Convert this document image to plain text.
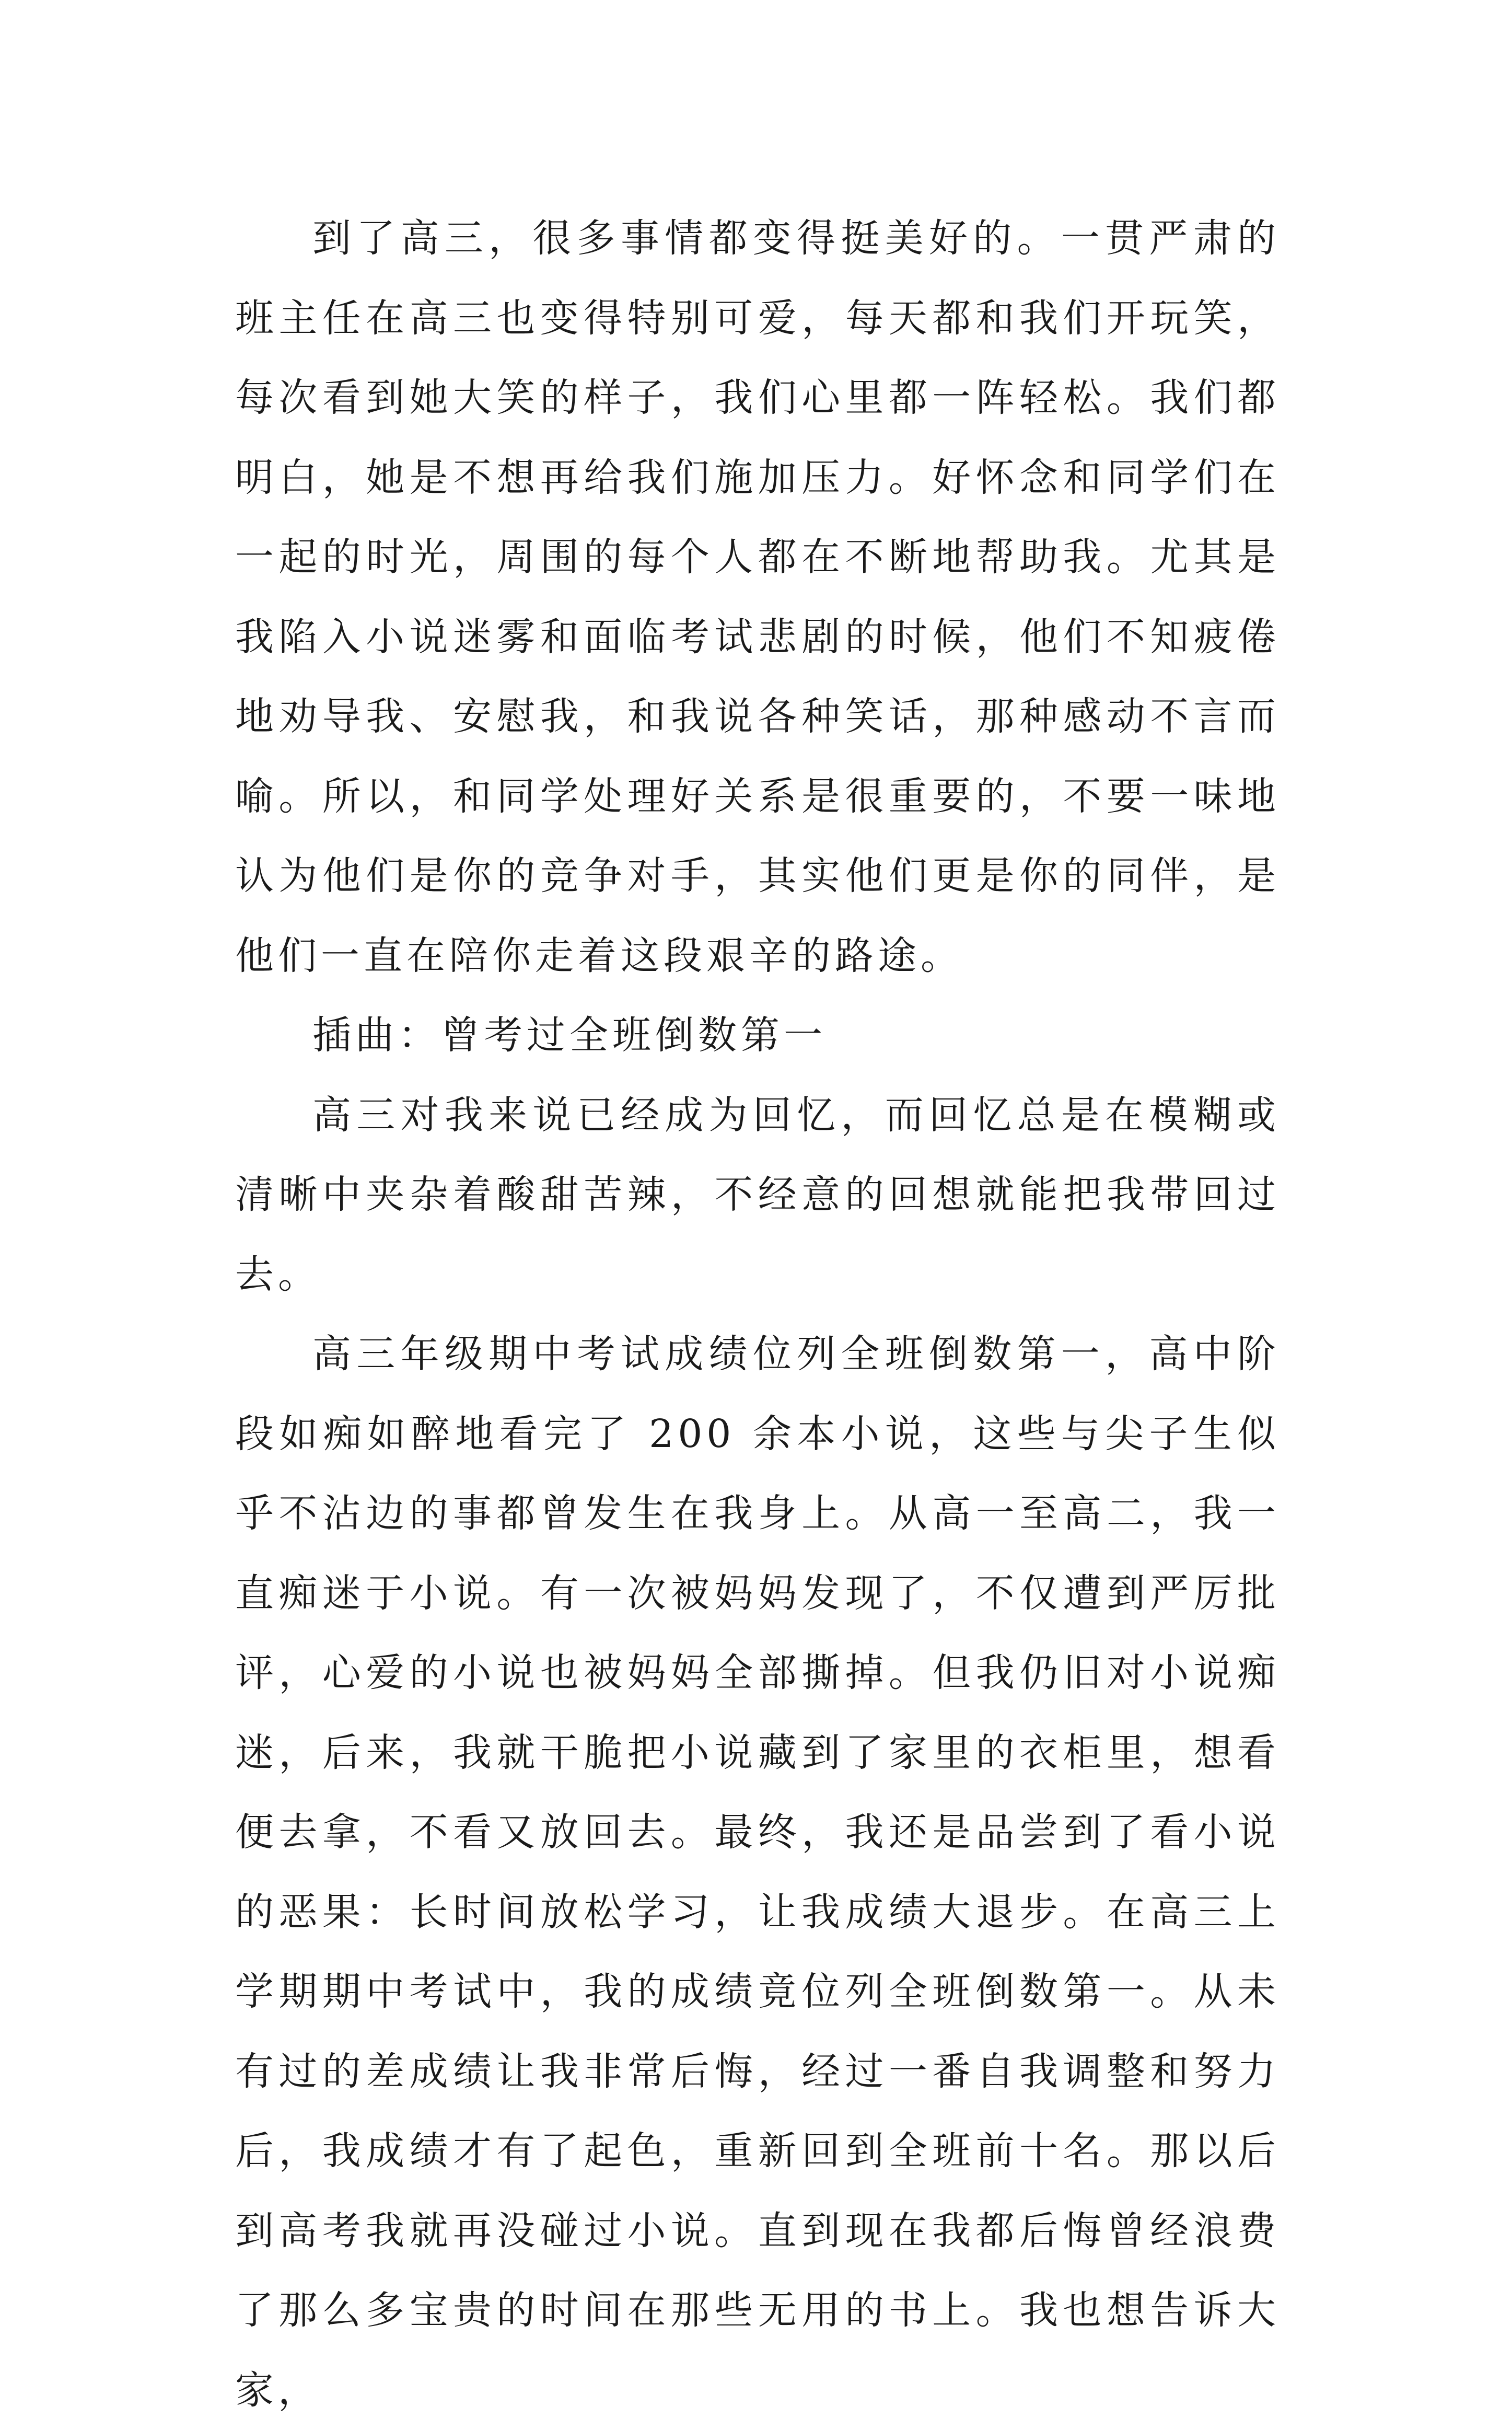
到了高三，很多事情都变得挺美好的。一贯严肃的班主任在高三也变得特别可爱，每天都和我们开玩笑，每次看到她大笑的样子，我们心里都一阵轻松。我们都明白，她是不想再给我们施加压力。好怀念和同学们在一起的时光，周围的每个人都在不断地帮助我。尤其是我陷入小说迷雾和面临考试悲剧的时候，他们不知疲倦地劝导我、安慰我，和我说各种笑话，那种感动不言而喻。所以，和同学处理好关系是很重要的，不要一味地认为他们是你的竞争对手，其实他们更是你的同伴，是他们一直在陪你走着这段艰辛的路途。

插曲：曾考过全班倒数第一

高三对我来说已经成为回忆，而回忆总是在模糊或清晰中夹杂着酸甜苦辣，不经意的回想就能把我带回过去。

高三年级期中考试成绩位列全班倒数第一，高中阶段如痴如醉地看完了 200 余本小说，这些与尖子生似乎不沾边的事都曾发生在我身上。从高一至高二，我一直痴迷于小说。有一次被妈妈发现了，不仅遭到严厉批评，心爱的小说也被妈妈全部撕掉。但我仍旧对小说痴迷，后来，我就干脆把小说藏到了家里的衣柜里，想看便去拿，不看又放回去。最终，我还是品尝到了看小说的恶果：长时间放松学习，让我成绩大退步。在高三上学期期中考试中，我的成绩竟位列全班倒数第一。从未有过的差成绩让我非常后悔，经过一番自我调整和努力后，我成绩才有了起色，重新回到全班前十名。那以后到高考我就再没碰过小说。直到现在我都后悔曾经浪费了那么多宝贵的时间在那些无用的书上。我也想告诉大家，
